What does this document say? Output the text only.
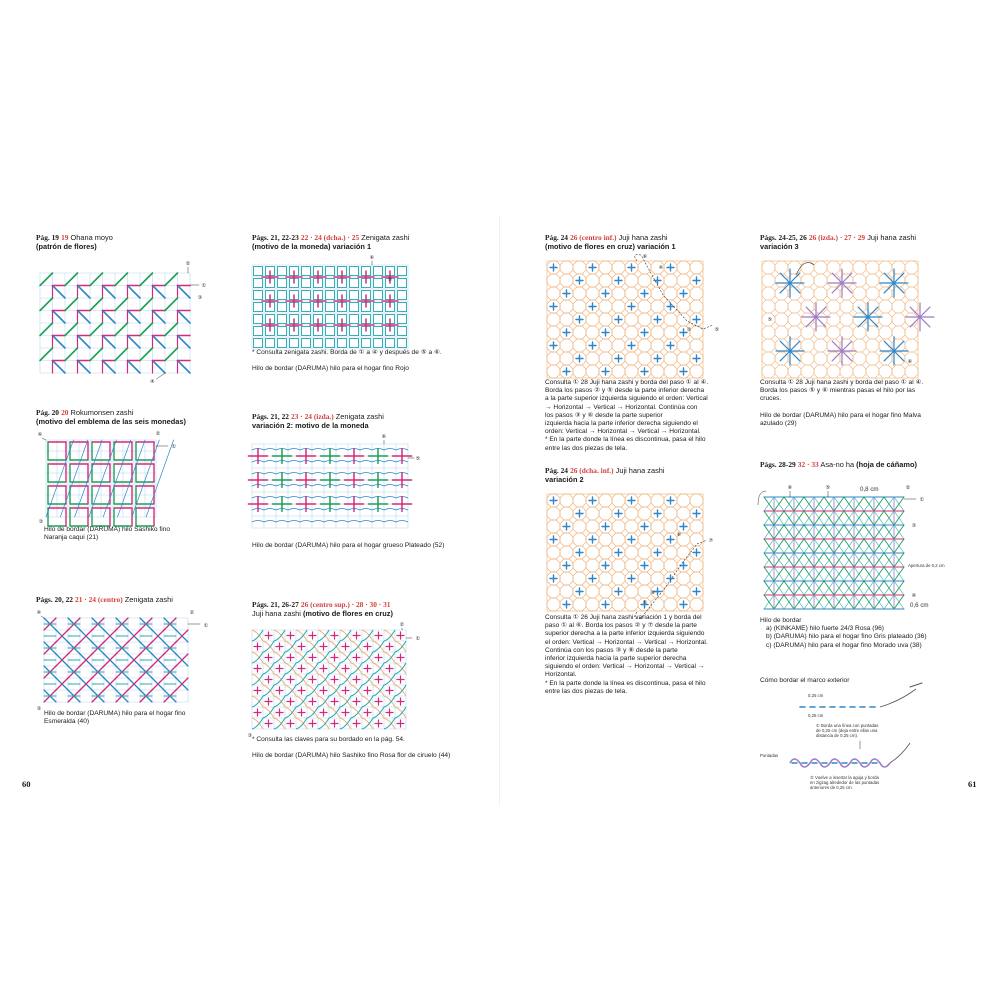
Pág. 19 19 Ohana moyo
(patrón de flores)
②
①
③
④
Pág. 20 20 Rokumonsen zashi
(motivo del emblema de las seis monedas)
④	②
①
③
Hilo de bordar (DARUMA) hilo Sashiko fino Naranja caqui (21)
Págs. 20, 22 21 · 24 (centro) Zenigata zashi
④	②
①
③
Hilo de bordar (DARUMA) hilo para el hogar fino Esmeralda (40)
Págs. 21, 22-23 22 · 24 (dcha.) · 25 Zenigata zashi
(motivo de la moneda) variación 1
⑥
⑤
* Consulta zenigata zashi. Borda de ① a ④ y después de ⑤ a ⑥.
Hilo de bordar (DARUMA) hilo para el hogar fino Rojo
Págs. 21, 22 23 · 24 (izda.) Zenigata zashi
variación 2: motivo de la moneda
⑥
⑤
Hilo de bordar (DARUMA) hilo para el hogar grueso Plateado (52)
Págs. 21, 26-27 26 (centro sup.) · 28 · 30 · 31
Juji hana zashi (motivo de flores en cruz)
②
①
③ * Consulta las claves para su bordado en la pág. 54.
Hilo de bordar (DARUMA) hilo Sashiko fino Rosa flor de ciruelo (44)
60
Pág. 24 26 (centro inf.) Juji hana zashi
(motivo de flores en cruz) variación 1
⑥
④
③	⑤
Consulta ① 28 Juji hana zashi y borda del paso ① al ④.
Borda los pasos ② y ⑤ desde la parte inferior derecha
a la parte superior izquierda siguiendo el orden: Vertical
→ Horizontal → Vertical → Horizontal. Continúa con
los pasos ③ y ⑥ desde la parte superior
izquierda hacia la parte inferior derecha siguiendo el
orden: Vertical → Horizontal → Vertical → Horizontal.
* En la parte donde la línea es discontinua, pasa el hilo
entre las dos piezas de tela.
Pág. 24 26 (dcha. inf.) Juji hana zashi
variación 2
⑥
⑦
⑧
⑤
Consulta ① 26 Juji hana zashi variación 1 y borda del
paso ① al ⑥. Borda los pasos ② y ⑦ desde la parte
superior derecha a la parte inferior izquierda siguiendo
el orden: Vertical → Horizontal → Vertical → Horizontal.
Continúa con los pasos ③ y ⑧ desde la parte
inferior izquierda hacia la parte superior derecha
siguiendo el orden: Vertical → Horizontal → Vertical →
Horizontal.
* En la parte donde la línea es discontinua, pasa el hilo
entre las dos piezas de tela.
Págs. 24-25, 26 26 (izda.) · 27 · 29 Juji hana zashi
variación 3
⑤
⑥
Consulta ① 28 Juji hana zashi y borda del paso ① al ④.
Borda los pasos ⑤ y ⑥ mientras pasas el hilo por las
cruces.
Hilo de bordar (DARUMA) hilo para el hogar fino Malva azulado (29)
Págs. 28-29 32 · 33 Asa-no ha (hoja de cáñamo)
⑥	⑤	②
①
③
④
0,8 cm
0,6 cm
Apertura de 0,2 cm
Hilo de bordar
a) (KINKAME) hilo fuerte 24/3 Rosa (96)
b) (DARUMA) hilo para el hogar fino Gris plateado (36)
c) (DARUMA) hilo para el hogar fino Morado uva (38)
Cómo bordar el marco exterior
0,25 cm
0,25 cm
① Borda una línea con puntadas
de 0,25 cm (deja entre ellas una
distancia de 0,25 cm).
Puntadas
② Vuelve a insertar la aguja y borda
en zigzag alrededor de las puntadas
anteriores de 0,25 cm.	61
